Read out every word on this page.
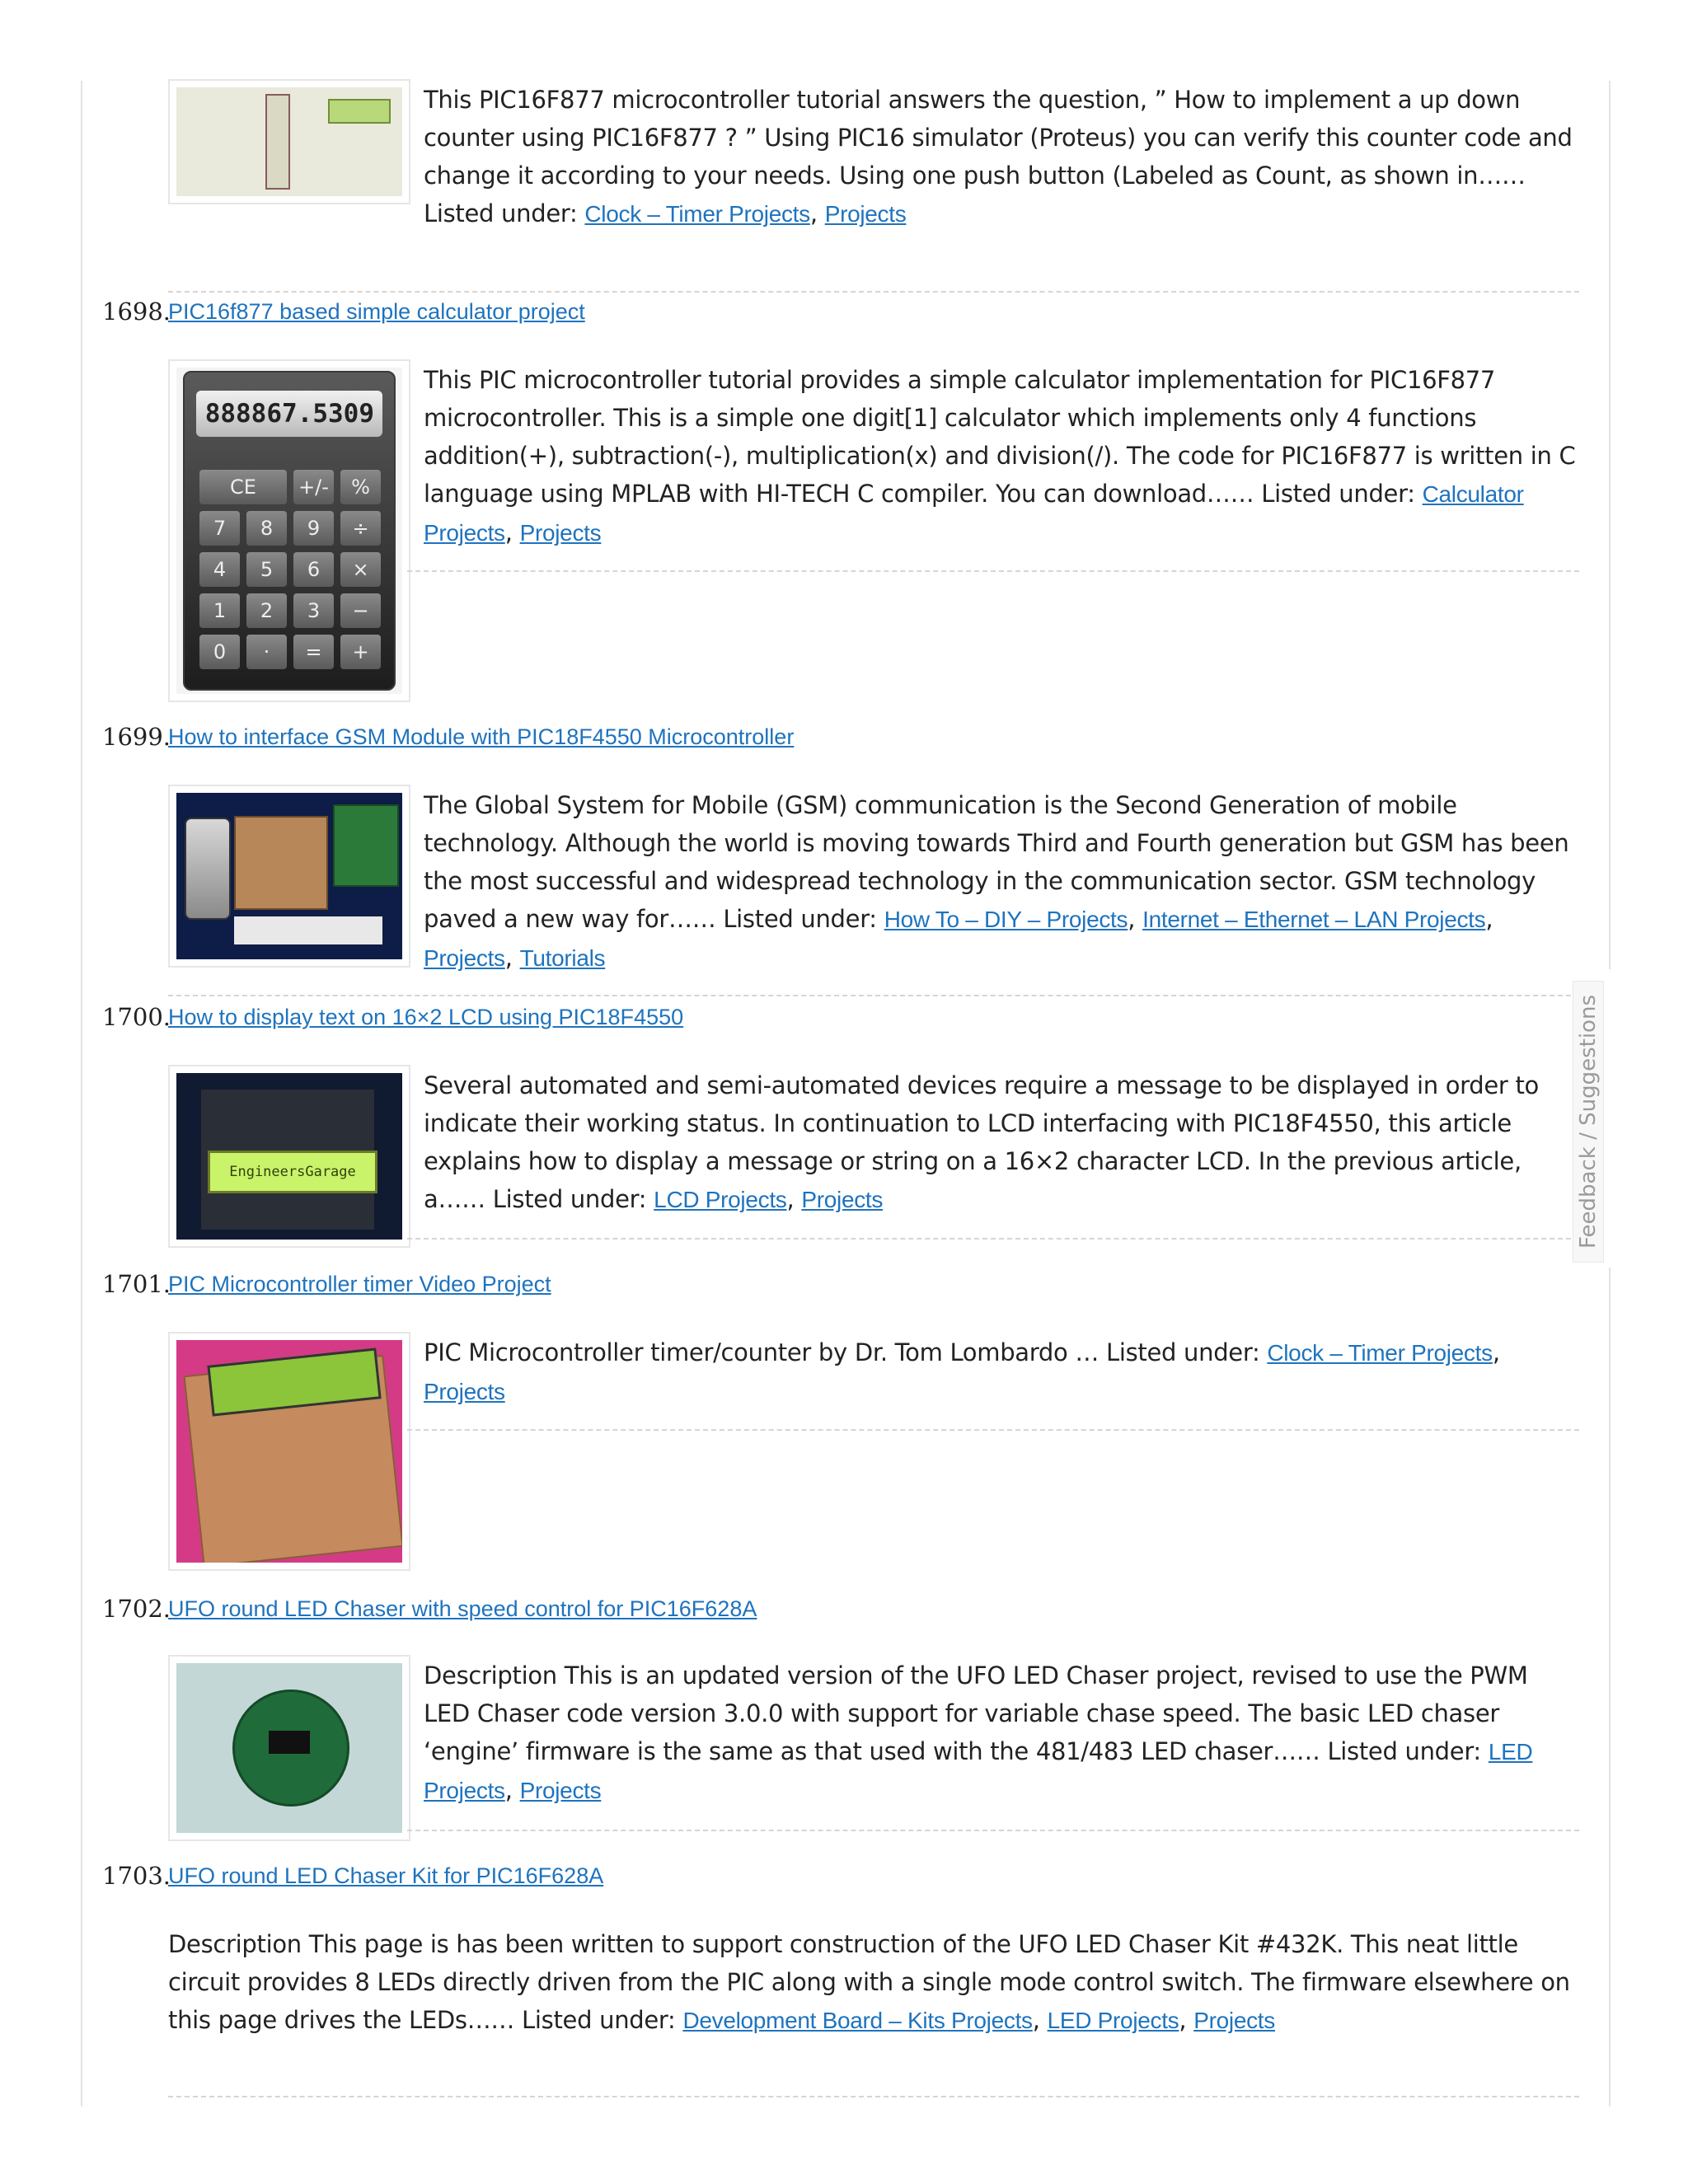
This PIC16F877 microcontroller tutorial answers the question, ” How to implement a up down counter using PIC16F877 ? ” Using PIC16 simulator (Proteus) you can verify this counter code and change it according to your needs. Using one push button (Labeled as Count, as shown in…… Listed under: Clock – Timer Projects, Projects
1698.
PIC16f877 based simple calculator project
888867.5309
CE	+/-	%
7	8	9	÷
4	5	6	×
1	2	3	−
0	·	=	+
This PIC microcontroller tutorial provides a simple calculator implementation for PIC16F877 microcontroller. This is a simple one digit[1] calculator which implements only 4 functions addition(+), subtraction(-), multiplication(x) and division(/). The code for PIC16F877 is written in C language using MPLAB with HI-TECH C compiler. You can download…… Listed under: Calculator Projects, Projects
1699.
How to interface GSM Module with PIC18F4550 Microcontroller
The Global System for Mobile (GSM) communication is the Second Generation of mobile technology. Although the world is moving towards Third and Fourth generation but GSM has been the most successful and widespread technology in the communication sector. GSM technology paved a new way for…… Listed under: How To – DIY – Projects, Internet – Ethernet – LAN Projects, Projects, Tutorials
1700.
How to display text on 16×2 LCD using PIC18F4550
EngineersGarage
Several automated and semi-automated devices require a message to be displayed in order to indicate their working status. In continuation to LCD interfacing with PIC18F4550, this article explains how to display a message or string on a 16×2 character LCD. In the previous article, a…… Listed under: LCD Projects, Projects
1701.
PIC Microcontroller timer Video Project
PIC Microcontroller timer/counter by Dr. Tom Lombardo … Listed under: Clock – Timer Projects, Projects
1702.
UFO round LED Chaser with speed control for PIC16F628A
Description This is an updated version of the UFO LED Chaser project, revised to use the PWM LED Chaser code version 3.0.0 with support for variable chase speed. The basic LED chaser ‘engine’ firmware is the same as that used with the 481/483 LED chaser…… Listed under: LED Projects, Projects
1703.
UFO round LED Chaser Kit for PIC16F628A
Description This page is has been written to support construction of the UFO LED Chaser Kit #432K. This neat little circuit provides 8 LEDs directly driven from the PIC along with a single mode control switch. The firmware elsewhere on this page drives the LEDs…… Listed under: Development Board – Kits Projects, LED Projects, Projects
Feedback / Suggestions
